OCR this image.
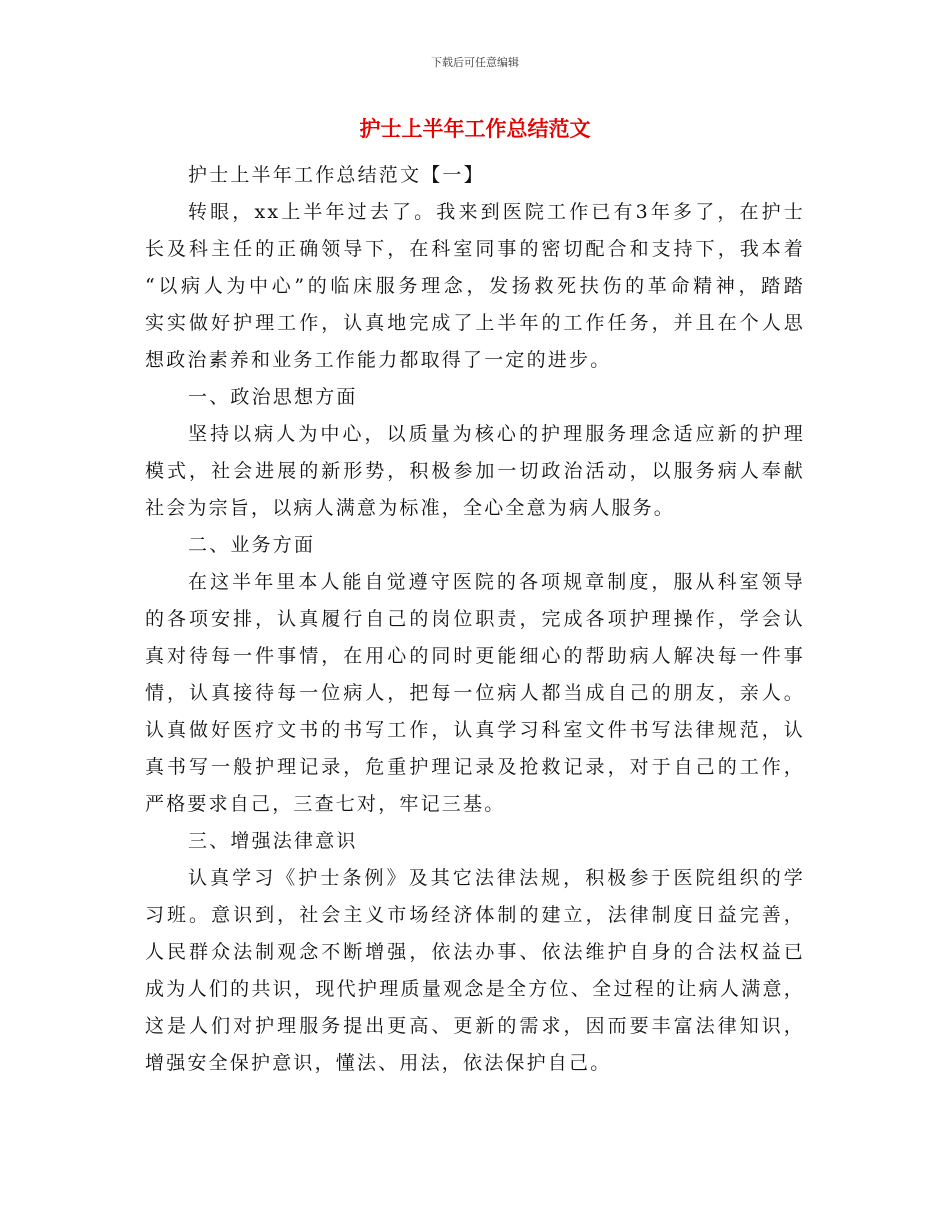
下载后可任意编辑
护士上半年工作总结范文
护士上半年工作总结范文【一】
转眼，xx上半年过去了。我来到医院工作已有3年多了，在护士
长及科主任的正确领导下，在科室同事的密切配合和支持下，我本着
“以病人为中心”的临床服务理念，发扬救死扶伤的革命精神，踏踏
实实做好护理工作，认真地完成了上半年的工作任务，并且在个人思
想政治素养和业务工作能力都取得了一定的进步。
一、政治思想方面
坚持以病人为中心，以质量为核心的护理服务理念适应新的护理
模式，社会进展的新形势，积极参加一切政治活动，以服务病人奉献
社会为宗旨，以病人满意为标准，全心全意为病人服务。
二、业务方面
在这半年里本人能自觉遵守医院的各项规章制度，服从科室领导
的各项安排，认真履行自己的岗位职责，完成各项护理操作，学会认
真对待每一件事情，在用心的同时更能细心的帮助病人解决每一件事
情，认真接待每一位病人，把每一位病人都当成自己的朋友，亲人。
认真做好医疗文书的书写工作，认真学习科室文件书写法律规范，认
真书写一般护理记录，危重护理记录及抢救记录，对于自己的工作，
严格要求自己，三查七对，牢记三基。
三、增强法律意识
认真学习《护士条例》及其它法律法规，积极参于医院组织的学
习班。意识到，社会主义市场经济体制的建立，法律制度日益完善，
人民群众法制观念不断增强，依法办事、依法维护自身的合法权益已
成为人们的共识，现代护理质量观念是全方位、全过程的让病人满意，
这是人们对护理服务提出更高、更新的需求，因而要丰富法律知识，
增强安全保护意识，懂法、用法，依法保护自己。
